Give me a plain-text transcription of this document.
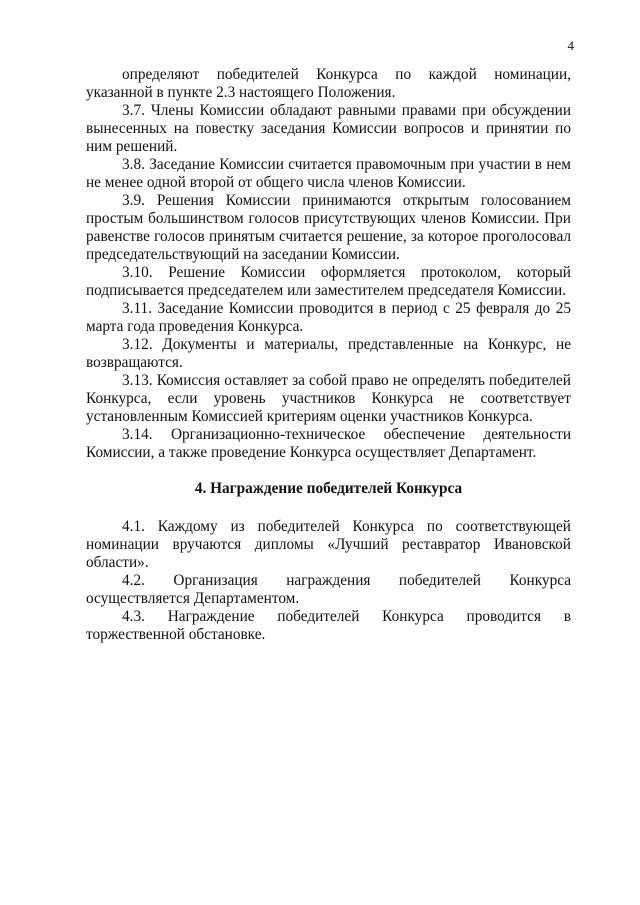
4

определяют победителей Конкурса по каждой номинации, указанной в пункте 2.3 настоящего Положения.

3.7. Члены Комиссии обладают равными правами при обсуждении вынесенных на повестку заседания Комиссии вопросов и принятии по ним решений.

3.8. Заседание Комиссии считается правомочным при участии в нем не менее одной второй от общего числа членов Комиссии.

3.9. Решения Комиссии принимаются открытым голосованием простым большинством голосов присутствующих членов Комиссии. При равенстве голосов принятым считается решение, за которое проголосовал председательствующий на заседании Комиссии.

3.10. Решение Комиссии оформляется протоколом, который подписывается председателем или заместителем председателя Комиссии.

3.11. Заседание Комиссии проводится в период с 25 февраля до 25 марта года проведения Конкурса.

3.12. Документы и материалы, представленные на Конкурс, не возвращаются.

3.13. Комиссия оставляет за собой право не определять победителей Конкурса, если уровень участников Конкурса не соответствует установленным Комиссией критериям оценки участников Конкурса.

3.14. Организационно-техническое обеспечение деятельности Комиссии, а также проведение Конкурса осуществляет Департамент.

4. Награждение победителей Конкурса

4.1. Каждому из победителей Конкурса по соответствующей номинации вручаются дипломы «Лучший реставратор Ивановской области».

4.2. Организация награждения победителей Конкурса осуществляется Департаментом.

4.3. Награждение победителей Конкурса проводится в торжественной обстановке.
